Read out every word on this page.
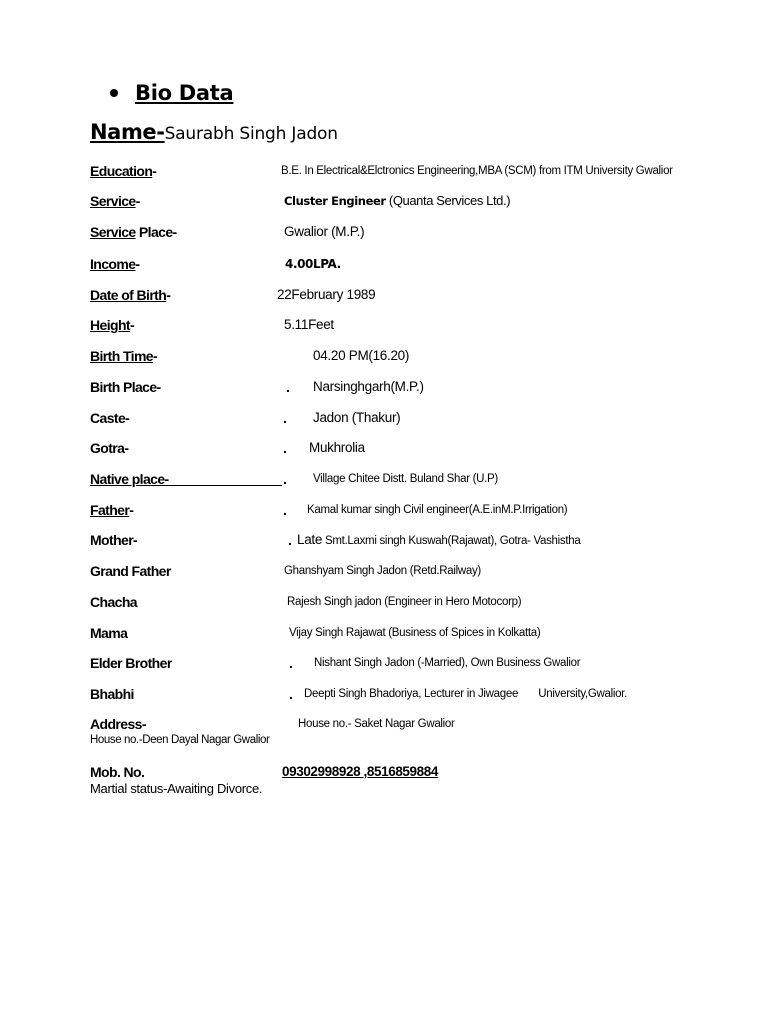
Bio Data
Name-Saurabh Singh Jadon
Education-	B.E. In Electrical&Elctronics Engineering,MBA (SCM) from ITM University Gwalior
Service-	Cluster Engineer (Quanta Services Ltd.)
Service Place-	Gwalior (M.P.)
Income-	4.00LPA.
Date of Birth-	22February 1989
Height-	5.11Feet
Birth Time-	04.20 PM(16.20)
Birth Place-	. Narsinghgarh(M.P.)
Caste-	. Jadon (Thakur)
Gotra-	. Mukhrolia
Native place-	. Village Chitee Distt. Buland Shar (U.P)
Father-	. Kamal kumar singh Civil engineer(A.E.inM.P.Irrigation)
Mother-	. Late Smt.Laxmi singh Kuswah(Rajawat), Gotra- Vashistha
Grand Father	Ghanshyam Singh Jadon (Retd.Railway)
Chacha	Rajesh Singh jadon (Engineer in Hero Motocorp)
Mama	Vijay Singh Rajawat (Business of Spices in Kolkatta)
Elder Brother	. Nishant Singh Jadon (-Married), Own Business Gwalior
Bhabhi	. Deepti Singh Bhadoriya, Lecturer in Jiwagee       University,Gwalior.
Address-	House no.- Saket Nagar Gwalior
House no.-Deen Dayal Nagar Gwalior
Mob. No.	09302998928 ,8516859884
Martial status-Awaiting Divorce.
